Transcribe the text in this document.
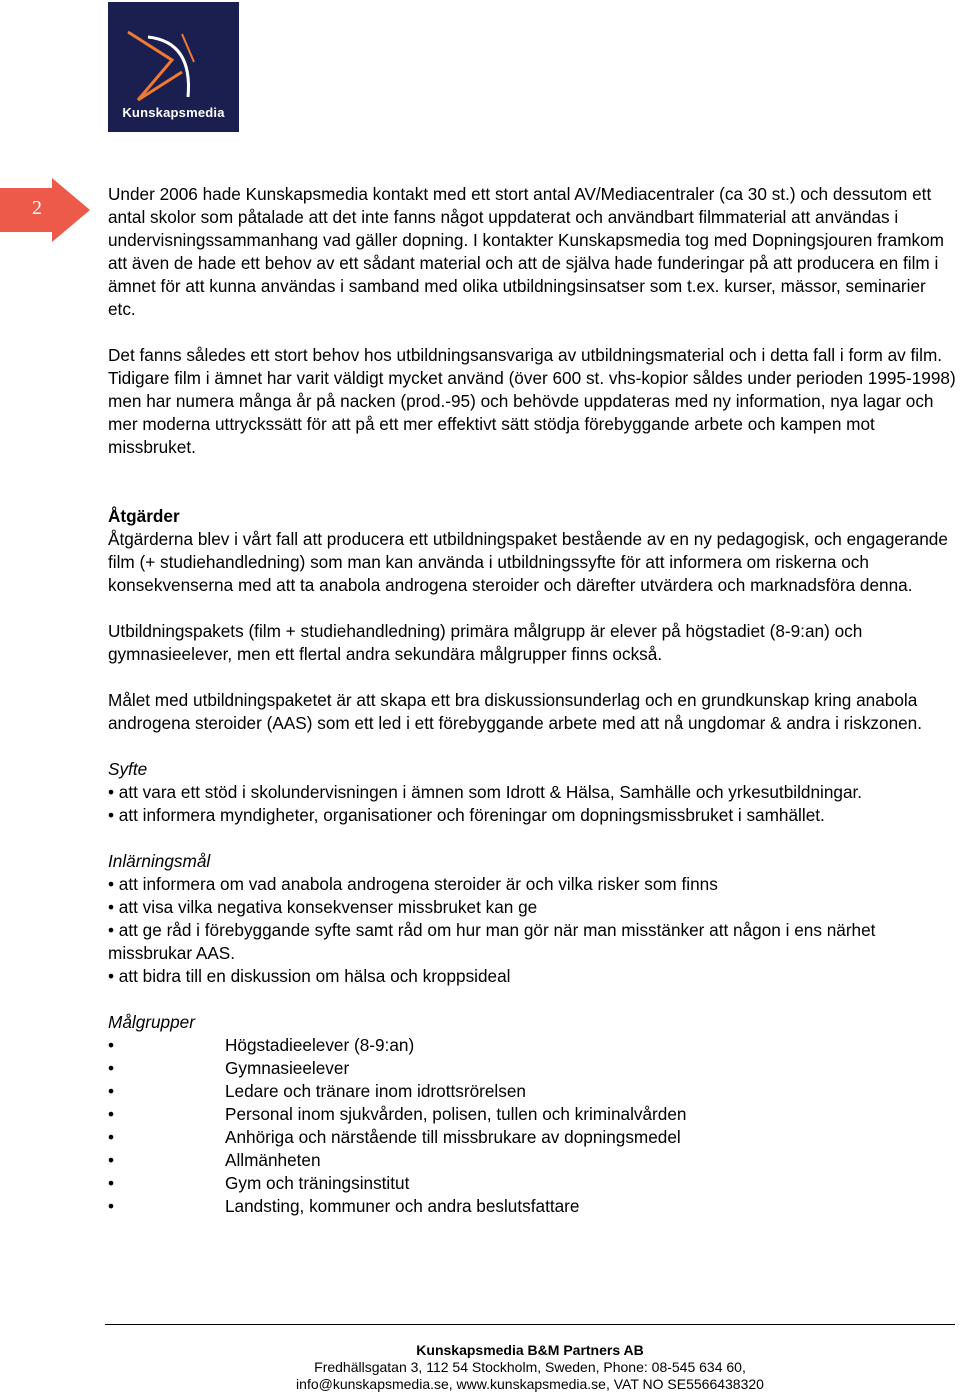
Kunskapsmedia
2

Under 2006 hade Kunskapsmedia kontakt med ett stort antal AV/Mediacentraler (ca 30 st.) och dessutom ett antal skolor som påtalade att det inte fanns något uppdaterat och användbart filmmaterial att användas i undervisningssammanhang vad gäller dopning. I kontakter Kunskapsmedia tog med Dopningsjouren framkom att även de hade ett behov av ett sådant material och att de själva hade funderingar på att producera en film i ämnet för att kunna användas i samband med olika utbildningsinsatser som t.ex. kurser, mässor, seminarier etc.

Det fanns således ett stort behov hos utbildningsansvariga av utbildningsmaterial och i detta fall i form av film. Tidigare film i ämnet har varit väldigt mycket använd (över 600 st. vhs-kopior såldes under perioden 1995-1998) men har numera många år på nacken (prod.-95) och behövde uppdateras med ny information, nya lagar och mer moderna uttryckssätt för att på ett mer effektivt sätt stödja förebyggande arbete och kampen mot missbruket.

Åtgärder

Åtgärderna blev i vårt fall att producera ett utbildningspaket bestående av en ny pedagogisk, och engagerande film (+ studiehandledning) som man kan använda i utbildningssyfte för att informera om riskerna och konsekvenserna med att ta anabola androgena steroider och därefter utvärdera och marknadsföra denna.

Utbildningspakets (film + studiehandledning) primära målgrupp är elever på högstadiet (8-9:an) och gymnasieelever, men ett flertal andra sekundära målgrupper finns också.

Målet med utbildningspaketet är att skapa ett bra diskussionsunderlag och en grundkunskap kring anabola androgena steroider (AAS) som ett led i ett förebyggande arbete med att nå ungdomar & andra i riskzonen.

Syfte

• att vara ett stöd i skolundervisningen i ämnen som Idrott & Hälsa, Samhälle och yrkesutbildningar.

• att informera myndigheter, organisationer och föreningar om dopningsmissbruket i samhället.

Inlärningsmål

• att informera om vad anabola androgena steroider är och vilka risker som finns

• att visa vilka negativa konsekvenser missbruket kan ge

• att ge råd i förebyggande syfte samt råd om hur man gör när man misstänker att någon i ens närhet missbrukar AAS.

• att bidra till en diskussion om hälsa och kroppsideal

Målgrupper

•	Högstadieelever (8-9:an)
•	Gymnasieelever
•	Ledare och tränare inom idrottsrörelsen
•	Personal inom sjukvården, polisen, tullen och kriminalvården
•	Anhöriga och närstående till missbrukare av dopningsmedel
•	Allmänheten
•	Gym och träningsinstitut
•	Landsting, kommuner och andra beslutsfattare
Kunskapsmedia B&M Partners AB
Fredhällsgatan 3, 112 54 Stockholm, Sweden, Phone: 08-545 634 60,
info@kunskapsmedia.se, www.kunskapsmedia.se, VAT NO SE5566438320
